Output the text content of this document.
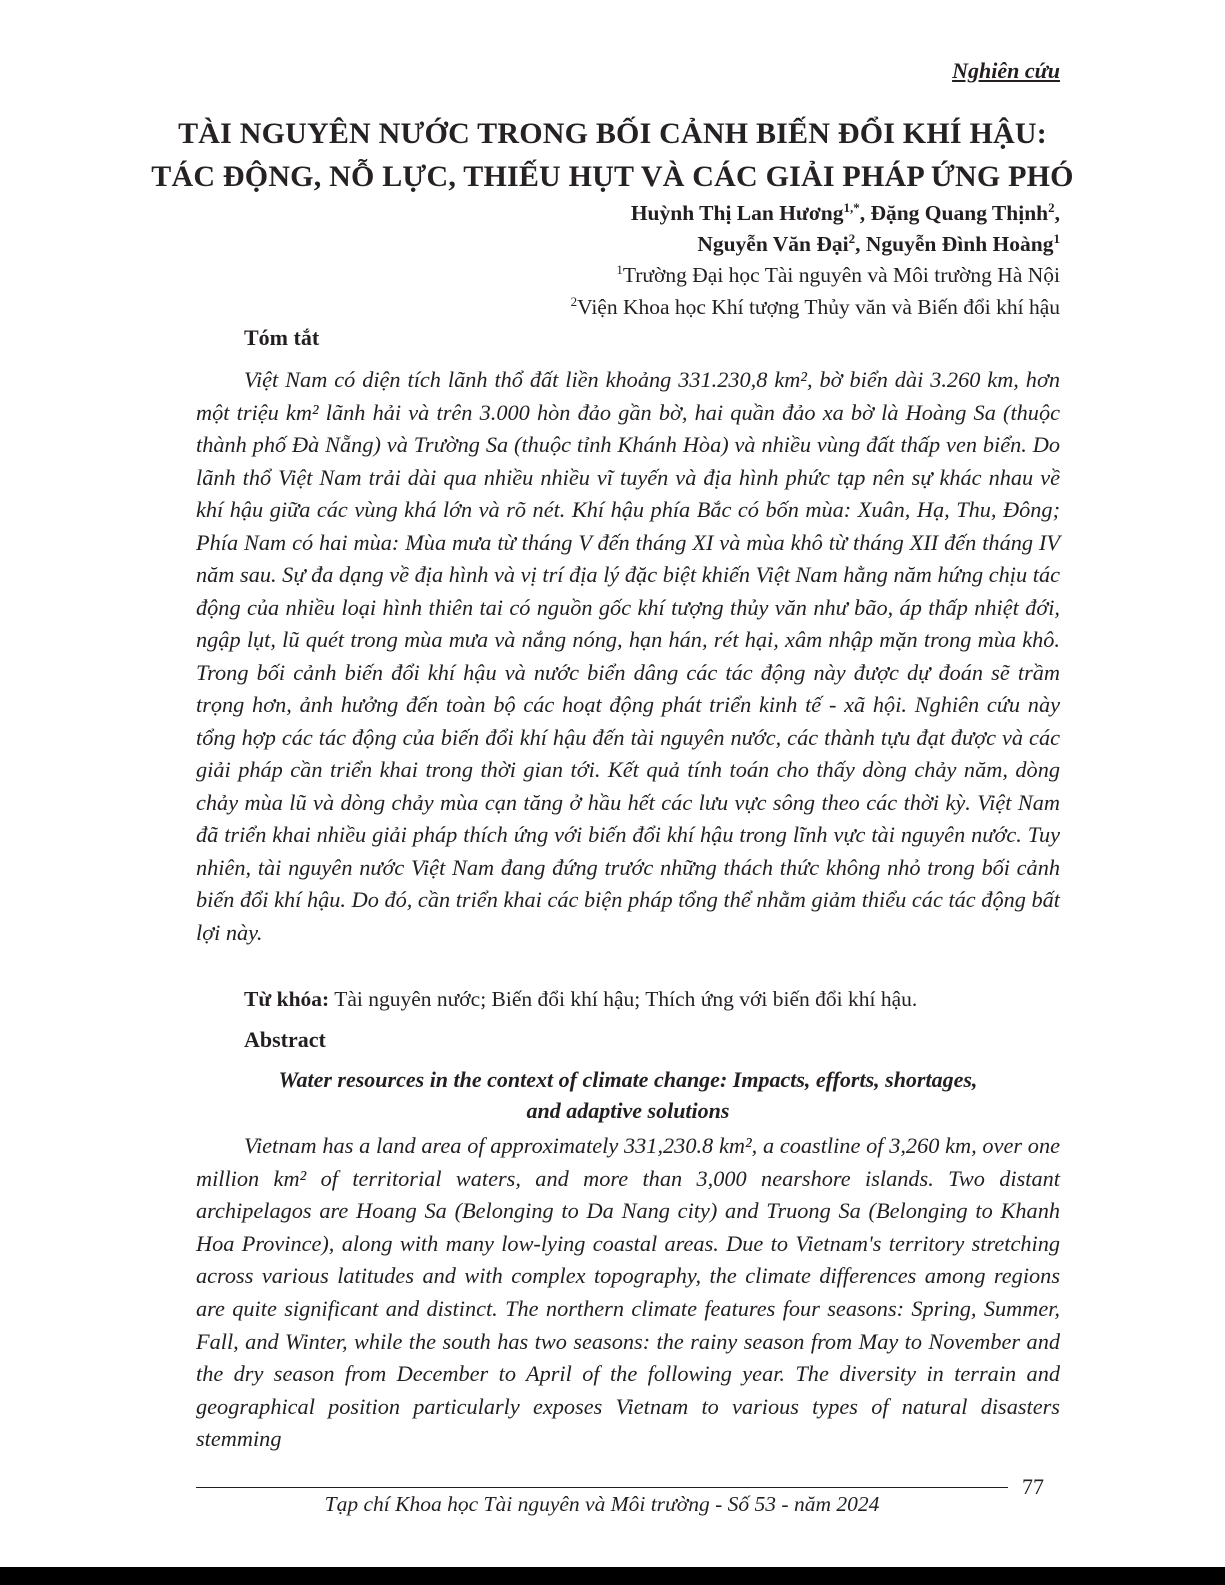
Nghiên cứu
TÀI NGUYÊN NƯỚC TRONG BỐI CẢNH BIẾN ĐỔI KHÍ HẬU:
TÁC ĐỘNG, NỖ LỰC, THIẾU HỤT VÀ CÁC GIẢI PHÁP ỨNG PHÓ
Huỳnh Thị Lan Hương$^{1,*}$, Đặng Quang Thịnh$^2$,
Nguyễn Văn Đại$^2$, Nguyễn Đình Hoàng$^1$
$^1$Trường Đại học Tài nguyên và Môi trường Hà Nội
$^2$Viện Khoa học Khí tượng Thủy văn và Biến đổi khí hậu
Tóm tắt

Việt Nam có diện tích lãnh thổ đất liền khoảng 331.230,8 km², bờ biển dài 3.260 km, hơn một triệu km² lãnh hải và trên 3.000 hòn đảo gần bờ, hai quần đảo xa bờ là Hoàng Sa (thuộc thành phố Đà Nẵng) và Trường Sa (thuộc tỉnh Khánh Hòa) và nhiều vùng đất thấp ven biển. Do lãnh thổ Việt Nam trải dài qua nhiều nhiều vĩ tuyến và địa hình phức tạp nên sự khác nhau về khí hậu giữa các vùng khá lớn và rõ nét. Khí hậu phía Bắc có bốn mùa: Xuân, Hạ, Thu, Đông; Phía Nam có hai mùa: Mùa mưa từ tháng V đến tháng XI và mùa khô từ tháng XII đến tháng IV năm sau. Sự đa dạng về địa hình và vị trí địa lý đặc biệt khiến Việt Nam hằng năm hứng chịu tác động của nhiều loại hình thiên tai có nguồn gốc khí tượng thủy văn như bão, áp thấp nhiệt đới, ngập lụt, lũ quét trong mùa mưa và nắng nóng, hạn hán, rét hại, xâm nhập mặn trong mùa khô. Trong bối cảnh biến đổi khí hậu và nước biển dâng các tác động này được dự đoán sẽ trầm trọng hơn, ảnh hưởng đến toàn bộ các hoạt động phát triển kinh tế - xã hội. Nghiên cứu này tổng hợp các tác động của biến đổi khí hậu đến tài nguyên nước, các thành tựu đạt được và các giải pháp cần triển khai trong thời gian tới. Kết quả tính toán cho thấy dòng chảy năm, dòng chảy mùa lũ và dòng chảy mùa cạn tăng ở hầu hết các lưu vực sông theo các thời kỳ. Việt Nam đã triển khai nhiều giải pháp thích ứng với biến đổi khí hậu trong lĩnh vực tài nguyên nước. Tuy nhiên, tài nguyên nước Việt Nam đang đứng trước những thách thức không nhỏ trong bối cảnh biến đổi khí hậu. Do đó, cần triển khai các biện pháp tổng thể nhằm giảm thiểu các tác động bất lợi này.

Từ khóa: Tài nguyên nước; Biến đổi khí hậu; Thích ứng với biến đổi khí hậu.

Abstract
Water resources in the context of climate change: Impacts, efforts, shortages,
and adaptive solutions

Vietnam has a land area of approximately 331,230.8 km², a coastline of 3,260 km, over one million km² of territorial waters, and more than 3,000 nearshore islands. Two distant archipelagos are Hoang Sa (Belonging to Da Nang city) and Truong Sa (Belonging to Khanh Hoa Province), along with many low-lying coastal areas. Due to Vietnam's territory stretching across various latitudes and with complex topography, the climate differences among regions are quite significant and distinct. The northern climate features four seasons: Spring, Summer, Fall, and Winter, while the south has two seasons: the rainy season from May to November and the dry season from December to April of the following year. The diversity in terrain and geographical position particularly exposes Vietnam to various types of natural disasters stemming

77
Tạp chí Khoa học Tài nguyên và Môi trường - Số 53 - năm 2024
